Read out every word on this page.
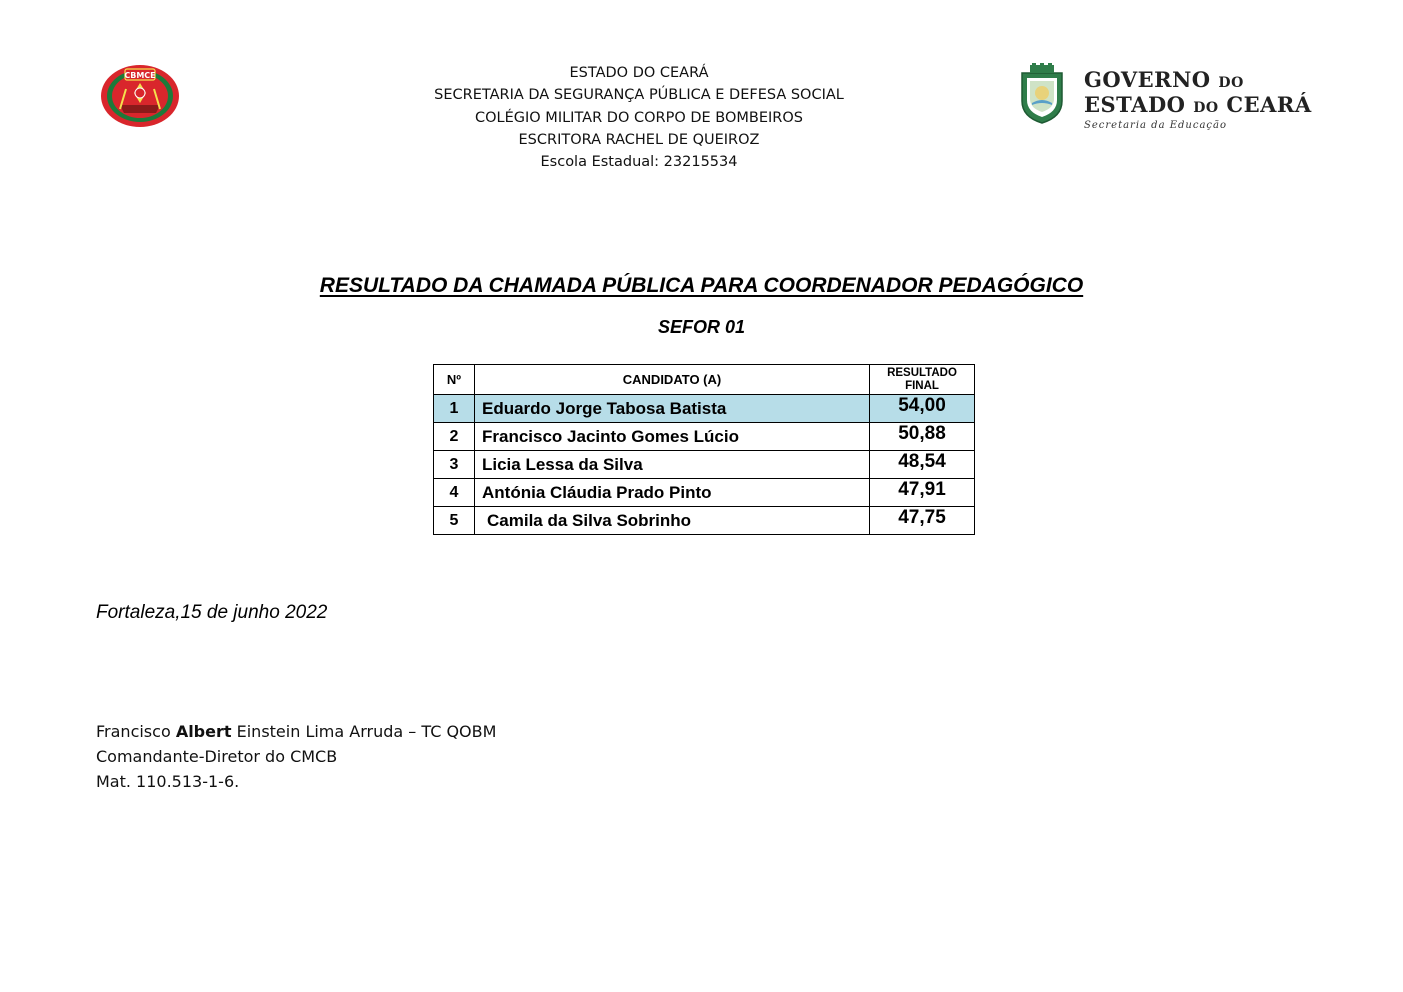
CBMCE	GOVERNO DO
ESTADO DO CEARÁ
Secretaria da Educação
ESTADO DO CEARÁ
SECRETARIA DA SEGURANÇA PÚBLICA E DEFESA SOCIAL
COLÉGIO MILITAR DO CORPO DE BOMBEIROS
ESCRITORA RACHEL DE QUEIROZ
Escola Estadual: 23215534
RESULTADO DA CHAMADA PÚBLICA PARA COORDENADOR PEDAGÓGICO
SEFOR 01
Nº	CANDIDATO (A)	RESULTADO
FINAL
1	Eduardo Jorge Tabosa Batista	54,00
2	Francisco Jacinto Gomes Lúcio	50,88
3	Licia Lessa da Silva	48,54
4	Antónia Cláudia Prado Pinto	47,91
5	Camila da Silva Sobrinho	47,75
Fortaleza,15 de junho 2022
Francisco Albert Einstein Lima Arruda – TC QOBM
Comandante-Diretor do CMCB
Mat. 110.513-1-6.
